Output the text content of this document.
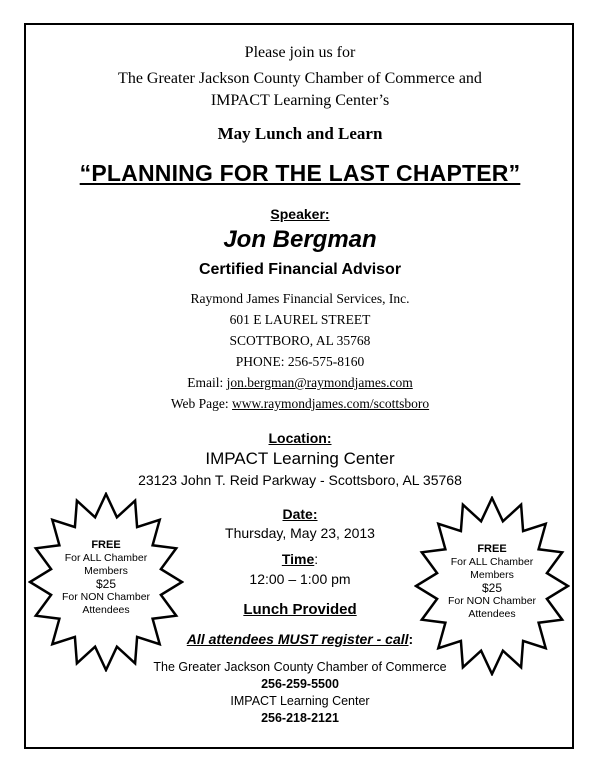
Please join us for
The Greater Jackson County Chamber of Commerce and
IMPACT Learning Center’s
May Lunch and Learn
“PLANNING FOR THE LAST CHAPTER”
Speaker:
Jon Bergman
Certified Financial Advisor
Raymond James Financial Services, Inc.
601 E LAUREL STREET
SCOTTBORO, AL 35768
PHONE: 256-575-8160
Email: jon.bergman@raymondjames.com
Web Page: www.raymondjames.com/scottsboro
Location:
IMPACT Learning Center
23123 John T. Reid Parkway - Scottsboro, AL 35768
Date:
Thursday, May 23, 2013
Time:
12:00 – 1:00 pm
Lunch Provided
All attendees MUST register - call:
The Greater Jackson County Chamber of Commerce
256-259-5500
IMPACT Learning Center
256-218-2121
FREE
For ALL Chamber
Members
$25
For NON Chamber
Attendees
FREE
For ALL Chamber
Members
$25
For NON Chamber
Attendees
